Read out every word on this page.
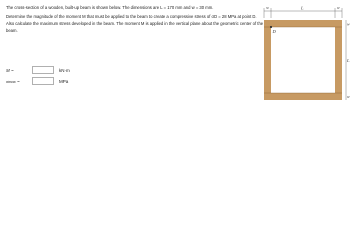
The cross-section of a wooden, built-up beam is shown below. The dimensions are L = 170 mm and w = 30 mm.

Determine the magnitude of the moment M that must be applied to the beam to create a compressive stress of σD = 28 MPa at point D. Also calculate the maximum stress developed in the beam. The moment M is applied in the vertical plane about the geometric center of the beam.

M =	kN·m
σmax =	MPa
w	L	w
w
L
w
D
